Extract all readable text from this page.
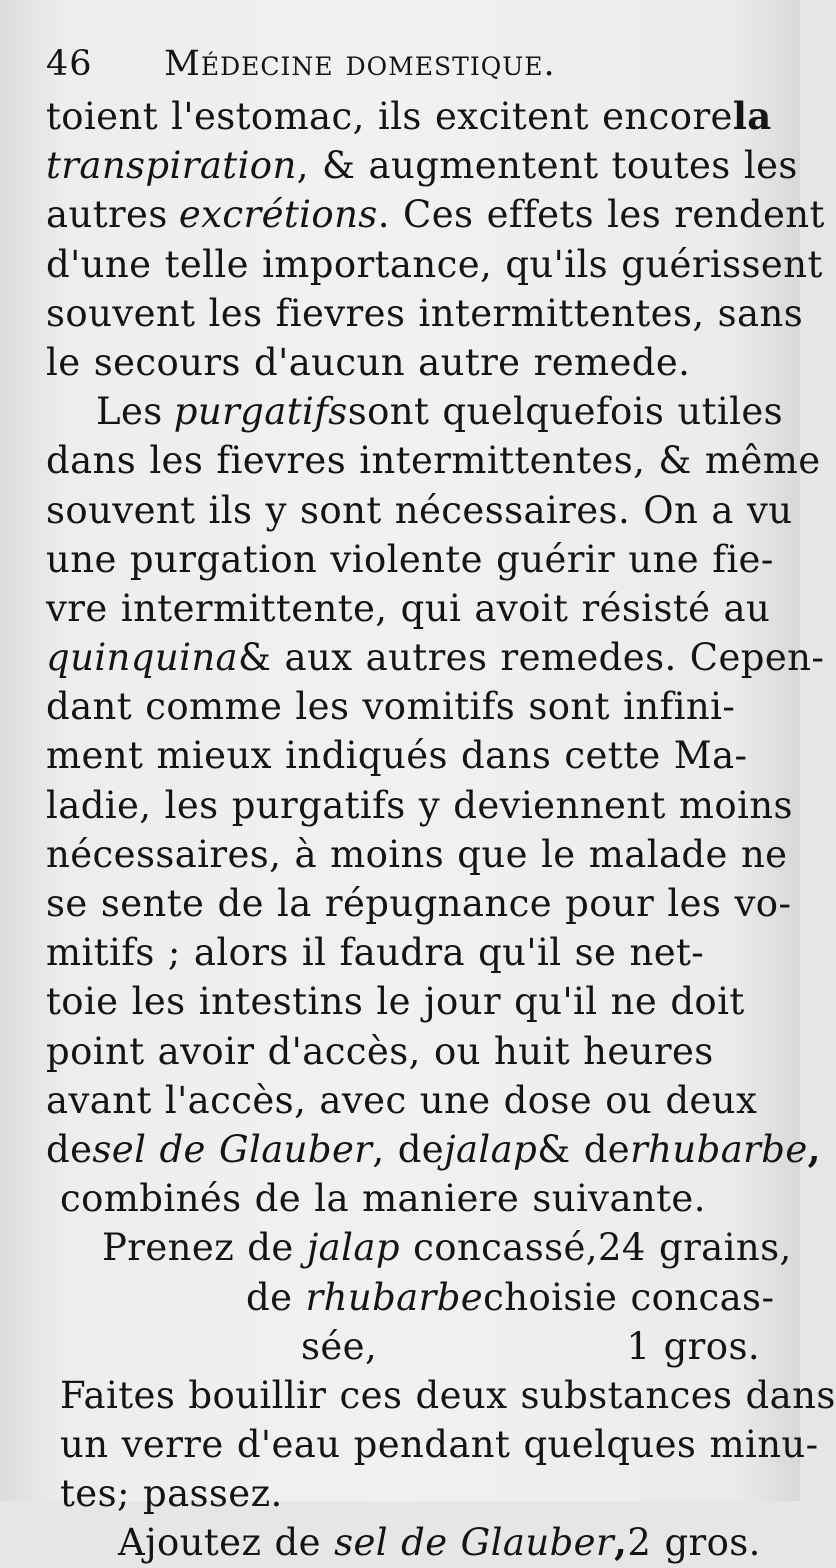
46	Médecine domestique.
toient l'estomac, ils excitent encore la
transpiration , & augmentent toutes les
autres excrétions . Ces effets les rendent
d'une telle importance, qu'ils guérissent
souvent les fievres intermittentes, sans
le secours d'aucun autre remede.
Les purgatifs sont quelquefois utiles
dans les fievres intermittentes, & même
souvent ils y sont nécessaires. On a vu
une purgation violente guérir une fie-
vre intermittente, qui avoit résisté au
quinquina & aux autres remedes. Cepen-
dant comme les vomitifs sont infini-
ment mieux indiqués dans cette Ma-
ladie, les purgatifs y deviennent moins
nécessaires, à moins que le malade ne
se sente de la répugnance pour les vo-
mitifs ; alors il faudra qu'il se net-
toie les intestins le jour qu'il ne doit
point avoir d'accès, ou huit heures
avant l'accès, avec une dose ou deux
de sel de Glauber , de jalap & de rhubarbe ,
combinés de la maniere suivante.
Prenez de jalap concassé, 24 grains,
de rhubarbe choisie concas-
sée,	1 gros.
Faites bouillir ces deux substances dans
un verre d'eau pendant quelques minu-
tes; passez.
Ajoutez de sel de Glauber, 2 gros.
